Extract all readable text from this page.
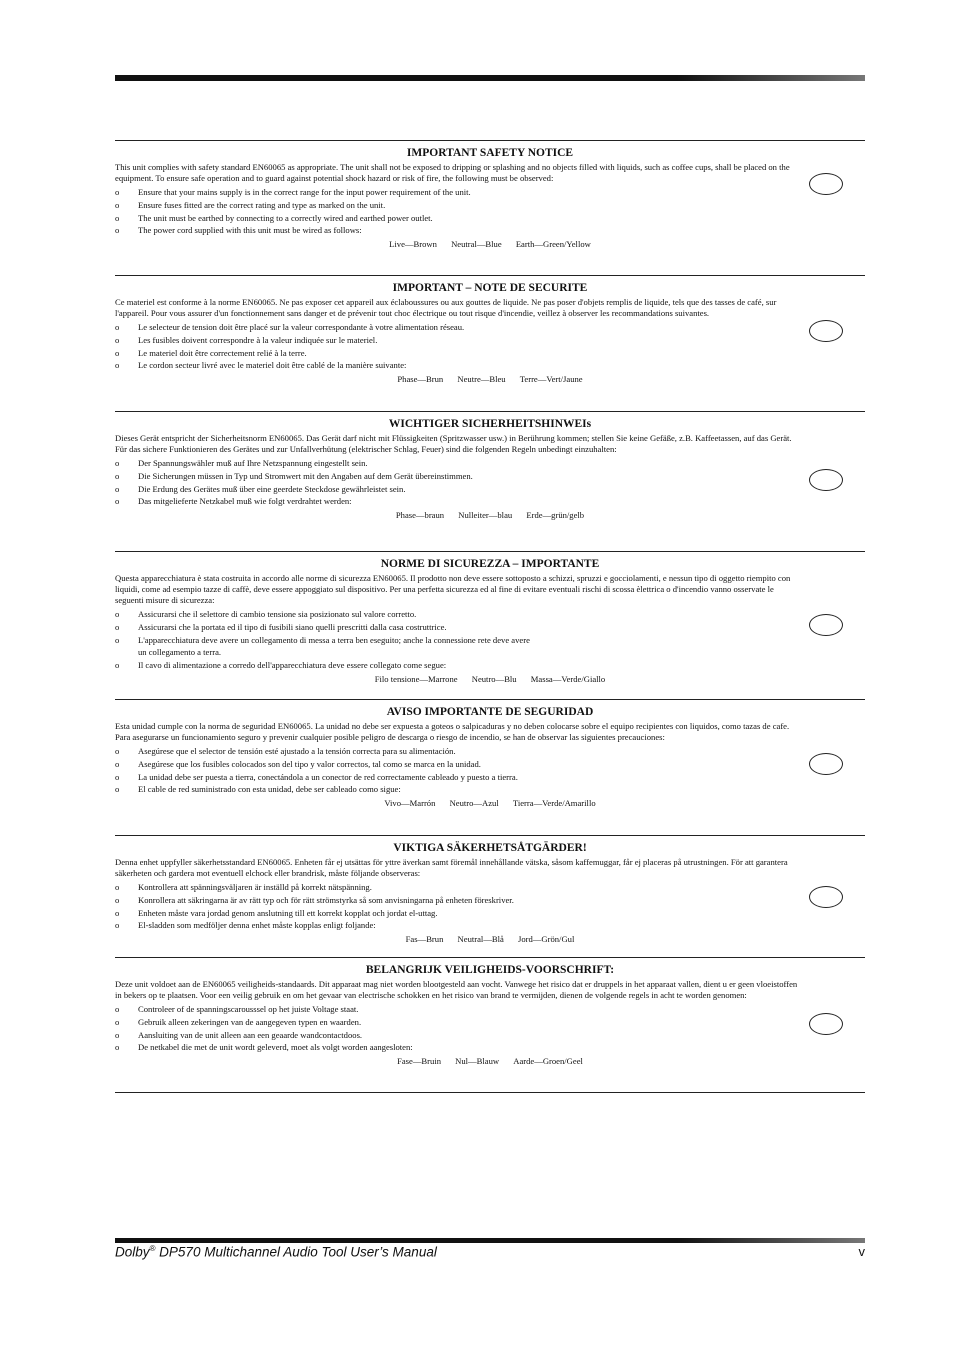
IMPORTANT SAFETY NOTICE

This unit complies with safety standard EN60065 as appropriate. The unit shall not be exposed to dripping or splashing and no objects filled with liquids, such as coffee cups, shall be placed on the equipment. To ensure safe operation and to guard against potential shock hazard or risk of fire, the following must be observed:

o Ensure that your mains supply is in the correct range for the input power requirement of the unit.
o Ensure fuses fitted are the correct rating and type as marked on the unit.
o The unit must be earthed by connecting to a correctly wired and earthed power outlet.
o The power cord supplied with this unit must be wired as follows:
Live—Brown Neutral—Blue Earth—Green/Yellow
IMPORTANT – NOTE DE SECURITE

Ce materiel est conforme à la norme EN60065. Ne pas exposer cet appareil aux éclaboussures ou aux gouttes de liquide. Ne pas poser d'objets remplis de liquide, tels que des tasses de café, sur l'appareil. Pour vous assurer d'un fonctionnement sans danger et de prévenir tout choc électrique ou tout risque d'incendie, veillez à observer les recommandations suivantes.

o Le selecteur de tension doit être placé sur la valeur correspondante à votre alimentation réseau.
o Les fusibles doivent correspondre à la valeur indiquée sur le materiel.
o Le materiel doit être correctement relié à la terre.
o Le cordon secteur livré avec le materiel doit être cablé de la manière suivante:
Phase—Brun Neutre—Bleu Terre—Vert/Jaune
WICHTIGER SICHERHEITSHINWEIs

Dieses Gerät entspricht der Sicherheitsnorm EN60065. Das Gerät darf nicht mit Flüssigkeiten (Spritzwasser usw.) in Berührung kommen; stellen Sie keine Gefäße, z.B. Kaffeetassen, auf das Gerät. Für das sichere Funktionieren des Gerätes und zur Unfallverhütung (elektrischer Schlag, Feuer) sind die folgenden Regeln unbedingt einzuhalten:

o Der Spannungswähler muß auf Ihre Netzspannung eingestellt sein.
o Die Sicherungen müssen in Typ und Stromwert mit den Angaben auf dem Gerät übereinstimmen.
o Die Erdung des Gerätes muß über eine geerdete Steckdose gewährleistet sein.
o Das mitgelieferte Netzkabel muß wie folgt verdrahtet werden:
Phase—braun Nulleiter—blau Erde—grün/gelb
NORME DI SICUREZZA – IMPORTANTE

Questa apparecchiatura è stata costruita in accordo alle norme di sicurezza EN60065. Il prodotto non deve essere sottoposto a schizzi, spruzzi e gocciolamenti, e nessun tipo di oggetto riempito con liquidi, come ad esempio tazze di caffè, deve essere appoggiato sul dispositivo. Per una perfetta sicurezza ed al fine di evitare eventuali rischi di scossa èlettrica o d'incendio vanno osservate le seguenti misure di sicurezza:

o Assicurarsi che il selettore di cambio tensione sia posizionato sul valore corretto.
o Assicurarsi che la portata ed il tipo di fusibili siano quelli prescritti dalla casa costruttrice.
o L'apparecchiatura deve avere un collegamento di messa a terra ben eseguito; anche la connessione rete deve avere un collegamento a terra.
o Il cavo di alimentazione a corredo dell'apparecchiatura deve essere collegato come segue:
Filo tensione—Marrone Neutro—Blu Massa—Verde/Giallo
AVISO IMPORTANTE DE SEGURIDAD

Esta unidad cumple con la norma de seguridad EN60065. La unidad no debe ser expuesta a goteos o salpicaduras y no deben colocarse sobre el equipo recipientes con liquidos, como tazas de cafe. Para asegurarse un funcionamiento seguro y prevenir cualquier posible peligro de descarga o riesgo de incendio, se han de observar las siguientes precauciones:

o Asegúrese que el selector de tensión esté ajustado a la tensión correcta para su alimentación.
o Asegúrese que los fusibles colocados son del tipo y valor correctos, tal como se marca en la unidad.
o La unidad debe ser puesta a tierra, conectándola a un conector de red correctamente cableado y puesto a tierra.
o El cable de red suministrado con esta unidad, debe ser cableado como sigue:
Vivo—Marrón Neutro—Azul Tierra—Verde/Amarillo
VIKTIGA SÄKERHETSÅTGÄRDER!

Denna enhet uppfyller säkerhetsstandard EN60065. Enheten får ej utsättas för yttre äverkan samt föremål innehållande vätska, såsom kaffemuggar, får ej placeras på utrustningen. För att garantera säkerheten och gardera mot eventuell elchock eller brandrisk, måste följande observeras:

o Kontrollera att spänningsväljaren är inställd på korrekt nätspänning.
o Konrollera att säkringarna är av rätt typ och för rätt strömstyrka så som anvisningarna på enheten föreskriver.
o Enheten måste vara jordad genom anslutning till ett korrekt kopplat och jordat el-uttag.
o El-sladden som medföljer denna enhet måste kopplas enligt foljande:
Fas—Brun Neutral—Blå Jord—Grön/Gul
BELANGRIJK VEILIGHEIDS-VOORSCHRIFT:

Deze unit voldoet aan de EN60065 veiligheids-standaards. Dit apparaat mag niet worden blootgesteld aan vocht. Vanwege het risico dat er druppels in het apparaat vallen, dient u er geen vloeistoffen in bekers op te plaatsen. Voor een veilig gebruik en om het gevaar van electrische schokken en het risico van brand te vermijden, dienen de volgende regels in acht te worden genomen:

o Controleer of de spanningscarousssel op het juiste Voltage staat.
o Gebruik alleen zekeringen van de aangegeven typen en waarden.
o Aansluiting van de unit alleen aan een geaarde wandcontactdoos.
o De netkabel die met de unit wordt geleverd, moet als volgt worden aangesloten:
Fase—Bruin Nul—Blauw Aarde—Groen/Geel
Dolby® DP570 Multichannel Audio Tool User’s Manual	v
